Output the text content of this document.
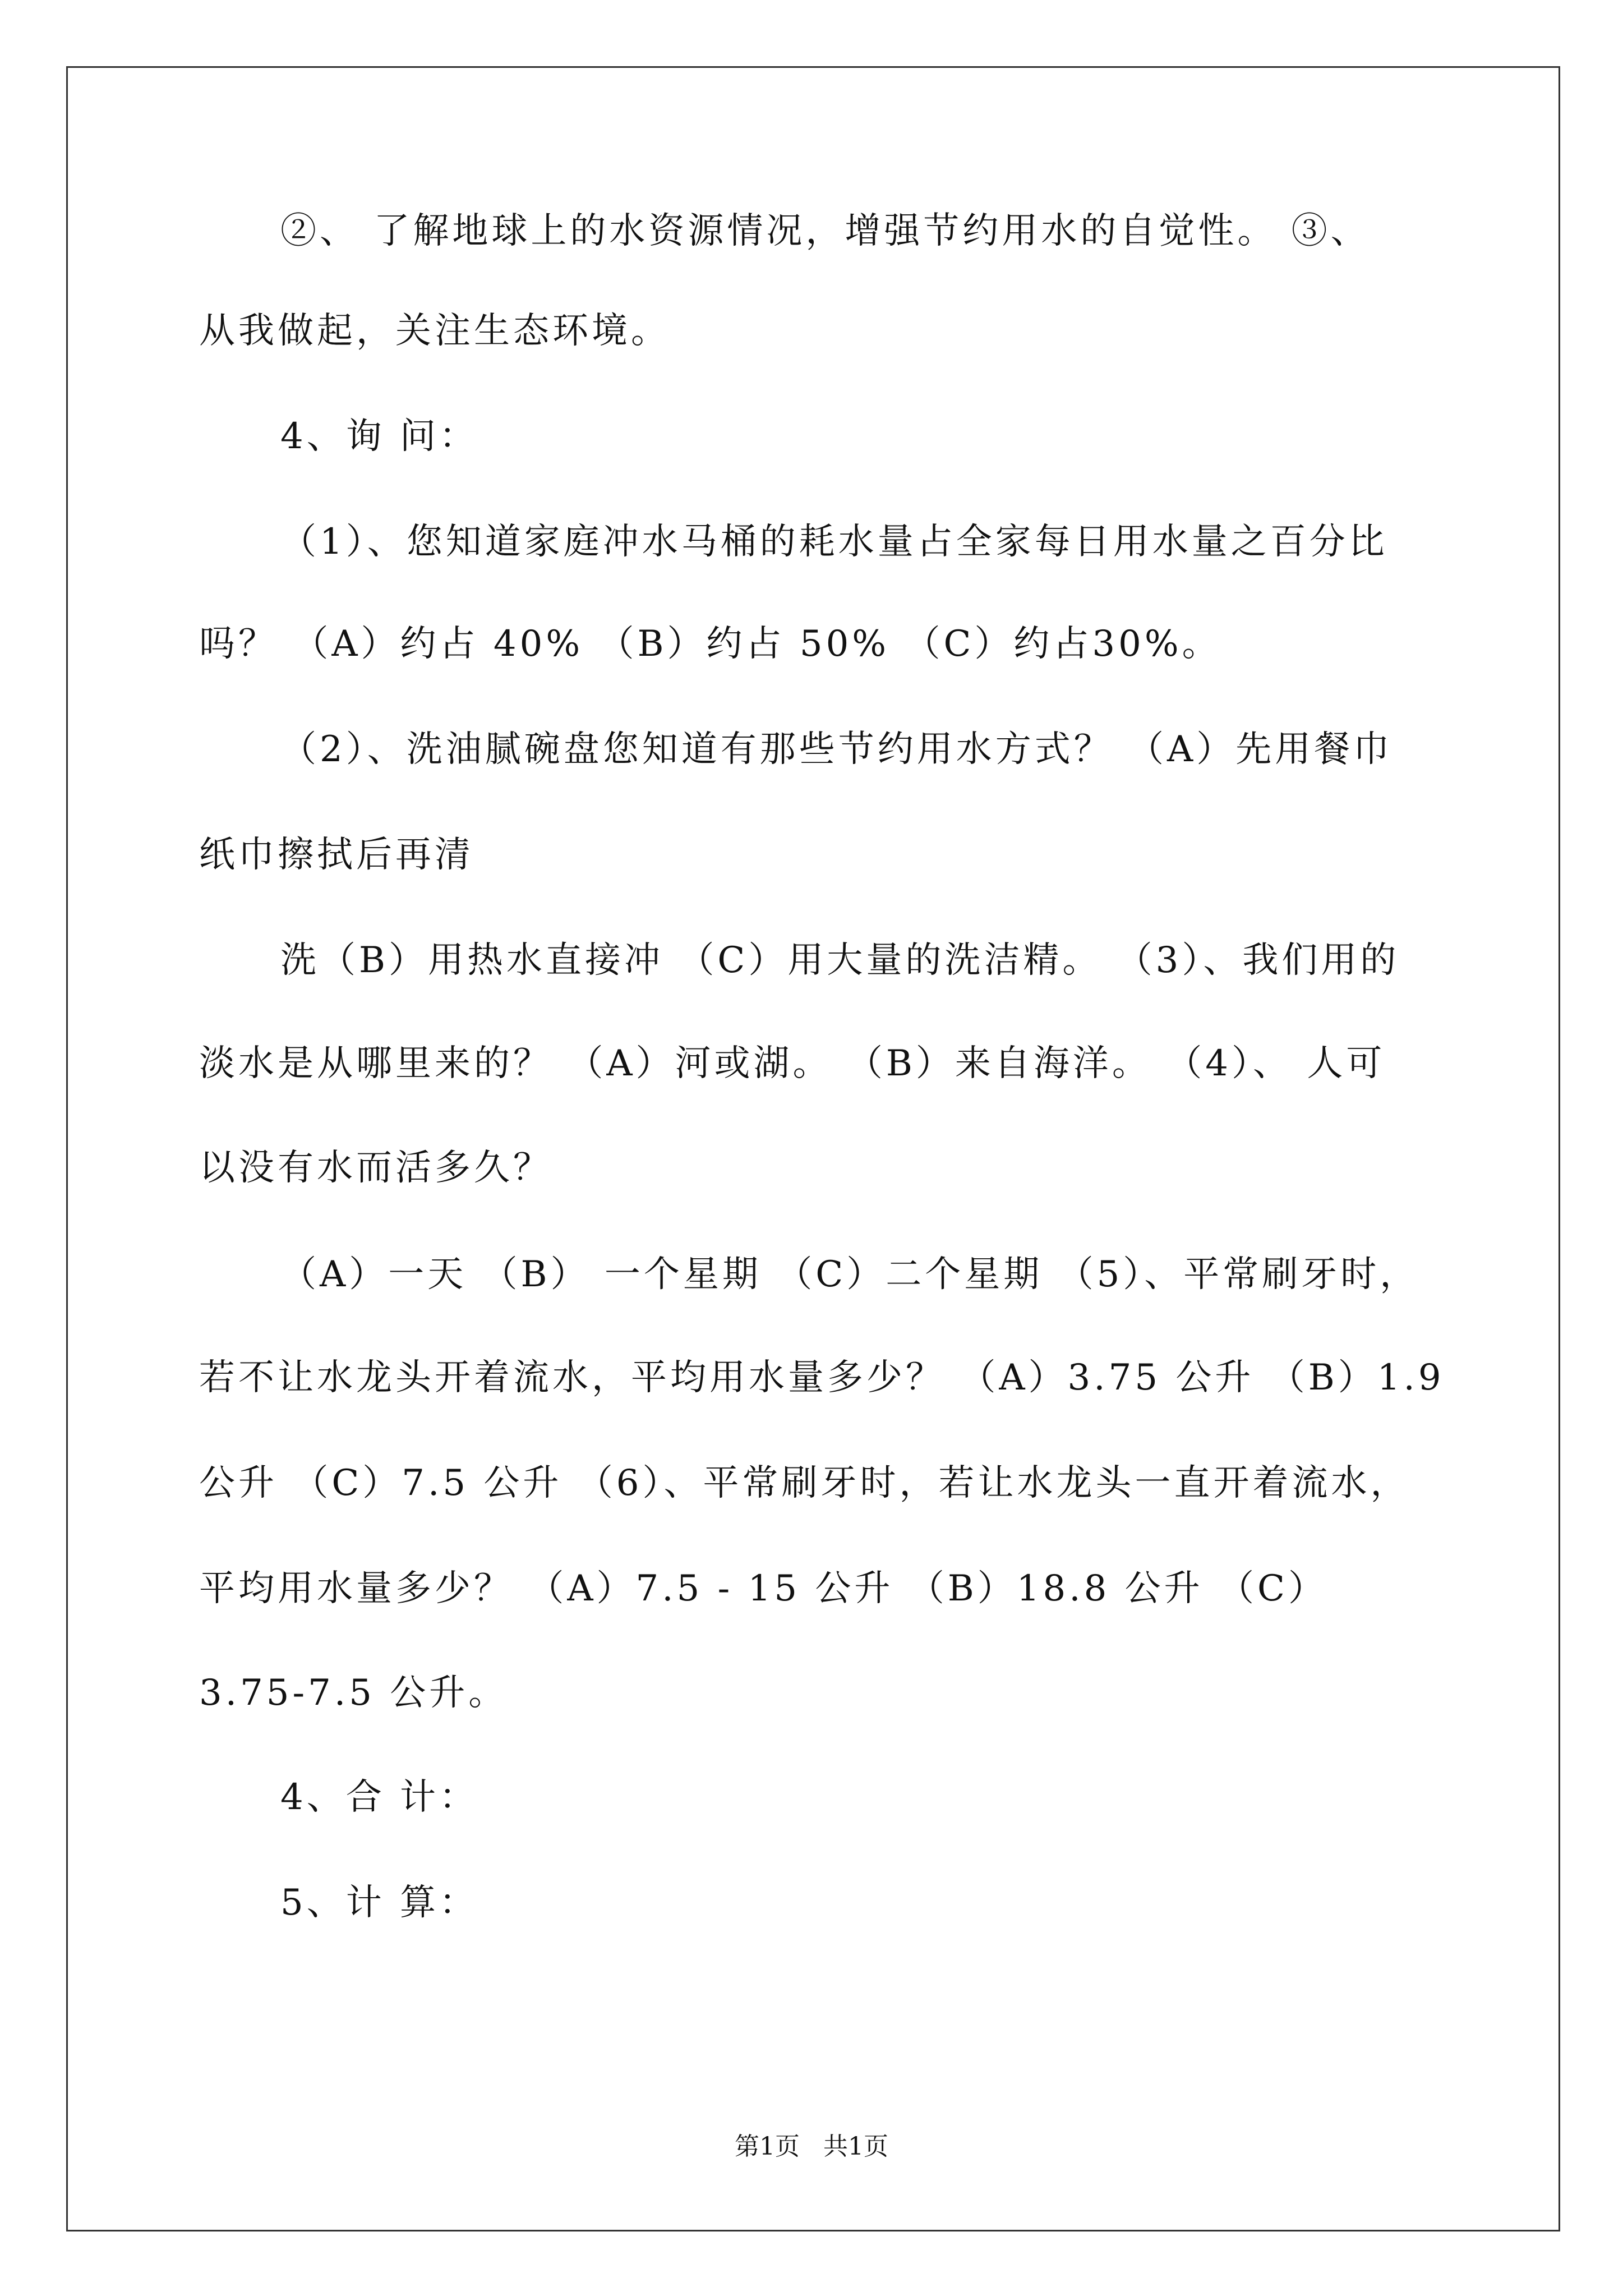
②、 了解地球上的水资源情况，增强节约用水的自觉性。 ③、
从我做起，关注生态环境。
4、询 问：
（1）、您知道家庭冲水马桶的耗水量占全家每日用水量之百分比
吗？ （A）约占 40% （B）约占 50% （C）约占30%。
（2）、洗油腻碗盘您知道有那些节约用水方式？ （A）先用餐巾
纸巾擦拭后再清
洗（B）用热水直接冲 （C）用大量的洗洁精。 （3）、我们用的
淡水是从哪里来的？ （A）河或湖。 （B）来自海洋。 （4）、 人可
以没有水而活多久？
（A）一天 （B） 一个星期 （C）二个星期 （5）、平常刷牙时，
若不让水龙头开着流水，平均用水量多少？ （A）3.75 公升 （B）1.9
公升 （C）7.5 公升 （6）、平常刷牙时，若让水龙头一直开着流水，
平均用水量多少？ （A）7.5 - 15 公升 （B）18.8 公升 （C）
3.75-7.5 公升。
4、合 计：
5、计 算：
第1页   共1页
